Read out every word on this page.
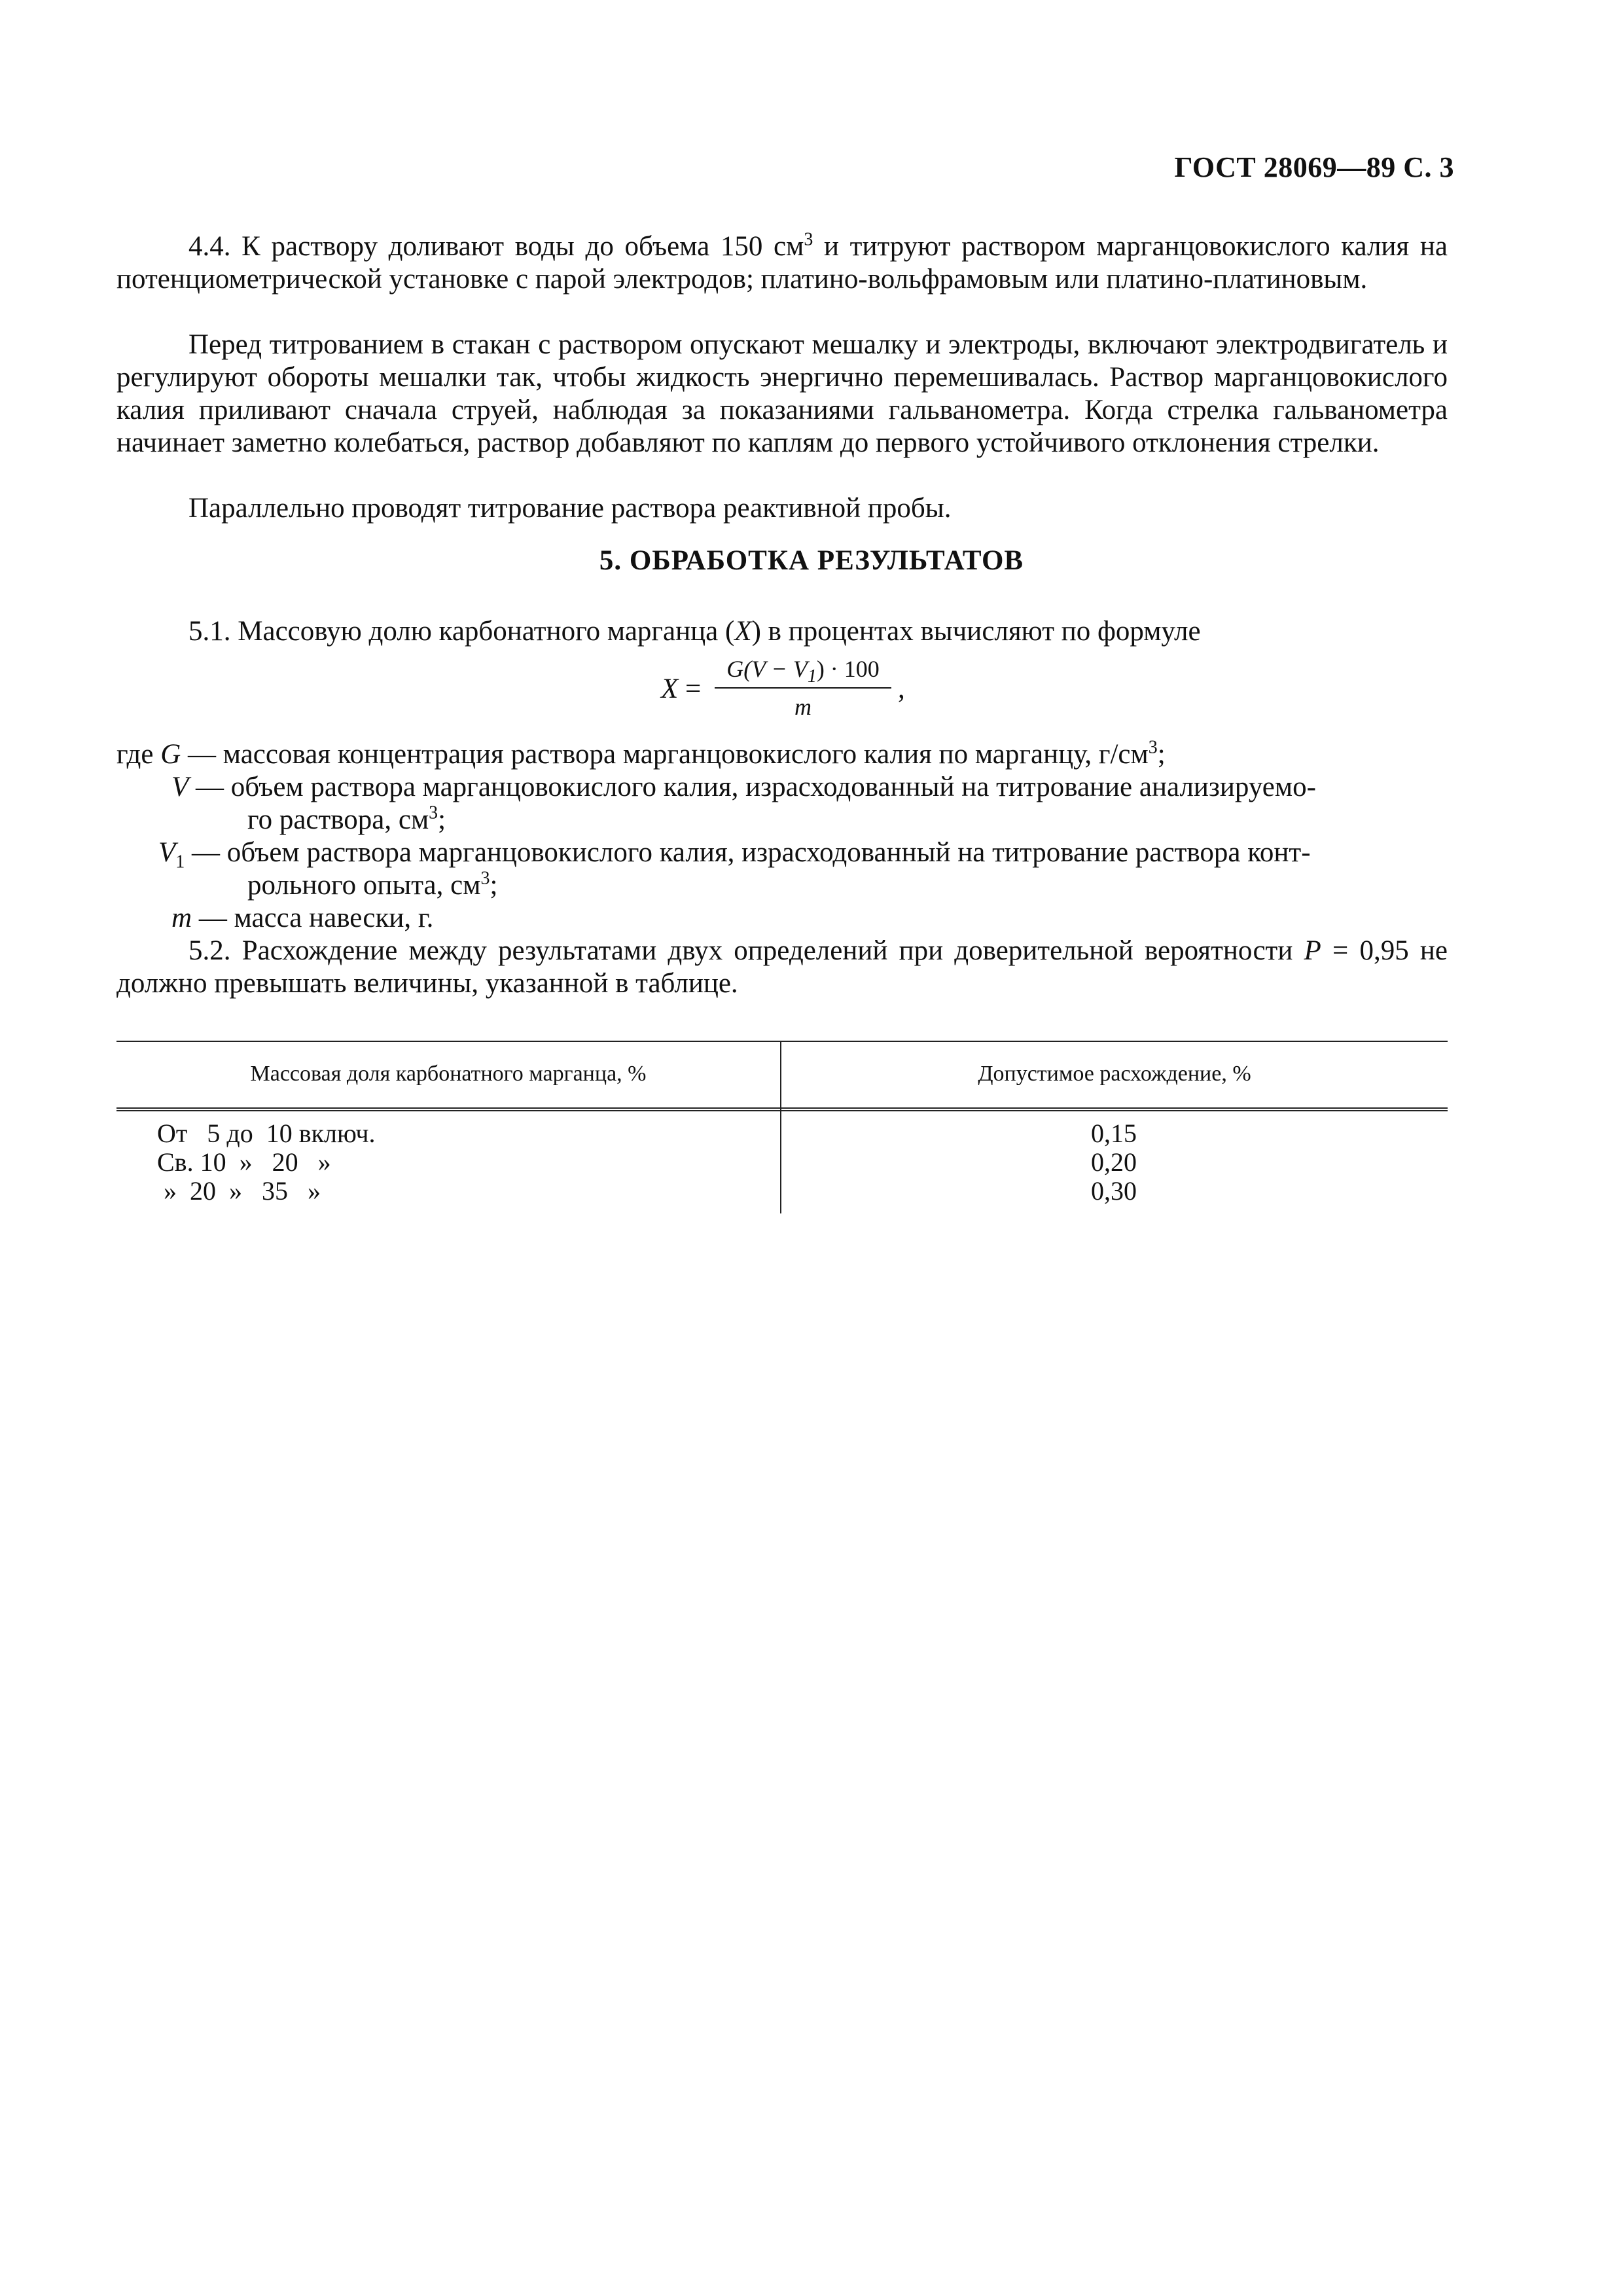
ГОСТ 28069—89 С. 3
4.4. К раствору доливают воды до объема 150 $см^3$ и титруют раствором марганцовокислого калия на потенциометрической установке с парой электродов; платино-вольфрамовым или платино-платиновым.
Перед титрованием в стакан с раствором опускают мешалку и электроды, включают электродвигатель и регулируют обороты мешалки так, чтобы жидкость энергично перемешивалась. Раствор марганцовокислого калия приливают сначала струей, наблюдая за показаниями гальванометра. Когда стрелка гальванометра начинает заметно колебаться, раствор добавляют по каплям до первого устойчивого отклонения стрелки.
Параллельно проводят титрование раствора реактивной пробы.
5. ОБРАБОТКА РЕЗУЛЬТАТОВ
5.1. Массовую долю карбонатного марганца (X) в процентах вычисляют по формуле
X =
$G(V - V_1) \cdot 100$
m
,
где G — массовая концентрация раствора марганцовокислого калия по марганцу, $г/см^3$;
V — объем раствора марганцовокислого калия, израсходованный на титрование анализируемо-
го раствора, $см^3$;
$V_1$ — объем раствора марганцовокислого калия, израсходованный на титрование раствора конт-
рольного опыта, $см^3$;
m — масса навески, г.
5.2. Расхождение между результатами двух определений при доверительной вероятности P = 0,95 не должно превышать величины, указанной в таблице.
Массовая доля карбонатного марганца, %	Допустимое расхождение, %
От   5 до  10 включ.	0,15
Св. 10  »   20   »	0,20
»  20  »   35   »	0,30
